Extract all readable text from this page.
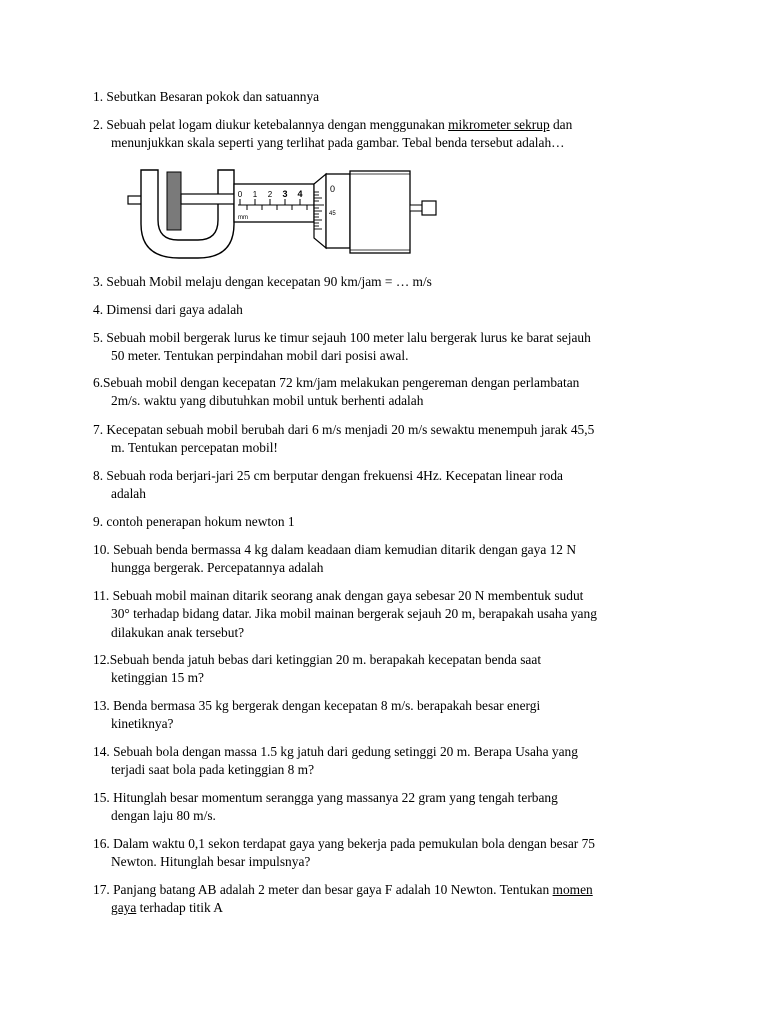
1. Sebutkan Besaran pokok dan satuannya
2. Sebuah pelat logam diukur ketebalannya dengan menggunakan mikrometer sekrup dan
menunjukkan skala seperti yang terlihat pada gambar. Tebal benda tersebut adalah…
0 1 2 3 4
mm
0
45
3. Sebuah Mobil melaju dengan kecepatan 90 km/jam = … m/s
4. Dimensi dari gaya adalah
5. Sebuah mobil bergerak lurus ke timur sejauh 100 meter lalu bergerak lurus ke barat sejauh
50 meter. Tentukan perpindahan mobil dari posisi awal.
6.Sebuah mobil dengan kecepatan 72 km/jam melakukan pengereman dengan perlambatan
2m/s. waktu yang dibutuhkan mobil untuk berhenti adalah
7. Kecepatan sebuah mobil berubah dari 6 m/s menjadi 20 m/s sewaktu menempuh jarak 45,5
m. Tentukan percepatan mobil!
8. Sebuah roda berjari-jari 25 cm berputar dengan frekuensi 4Hz. Kecepatan linear roda
adalah
9. contoh penerapan hokum newton 1
10. Sebuah benda bermassa 4 kg dalam keadaan diam kemudian ditarik dengan gaya 12 N
hungga bergerak. Percepatannya adalah
11. Sebuah mobil mainan ditarik seorang anak dengan gaya sebesar 20 N membentuk sudut
30° terhadap bidang datar. Jika mobil mainan bergerak sejauh 20 m, berapakah usaha yang
dilakukan anak tersebut?
12.Sebuah benda jatuh bebas dari ketinggian 20 m. berapakah kecepatan benda saat
ketinggian 15 m?
13. Benda bermasa 35 kg bergerak dengan kecepatan 8 m/s. berapakah besar energi
kinetiknya?
14. Sebuah bola dengan massa 1.5 kg jatuh dari gedung setinggi 20 m. Berapa Usaha yang
terjadi saat bola pada ketinggian 8 m?
15. Hitunglah besar momentum serangga yang massanya 22 gram yang tengah terbang
dengan laju 80 m/s.
16. Dalam waktu 0,1 sekon terdapat gaya yang bekerja pada pemukulan bola dengan besar 75
Newton. Hitunglah besar impulsnya?
17. Panjang batang AB adalah 2 meter dan besar gaya F adalah 10 Newton. Tentukan momen
gaya terhadap titik A
